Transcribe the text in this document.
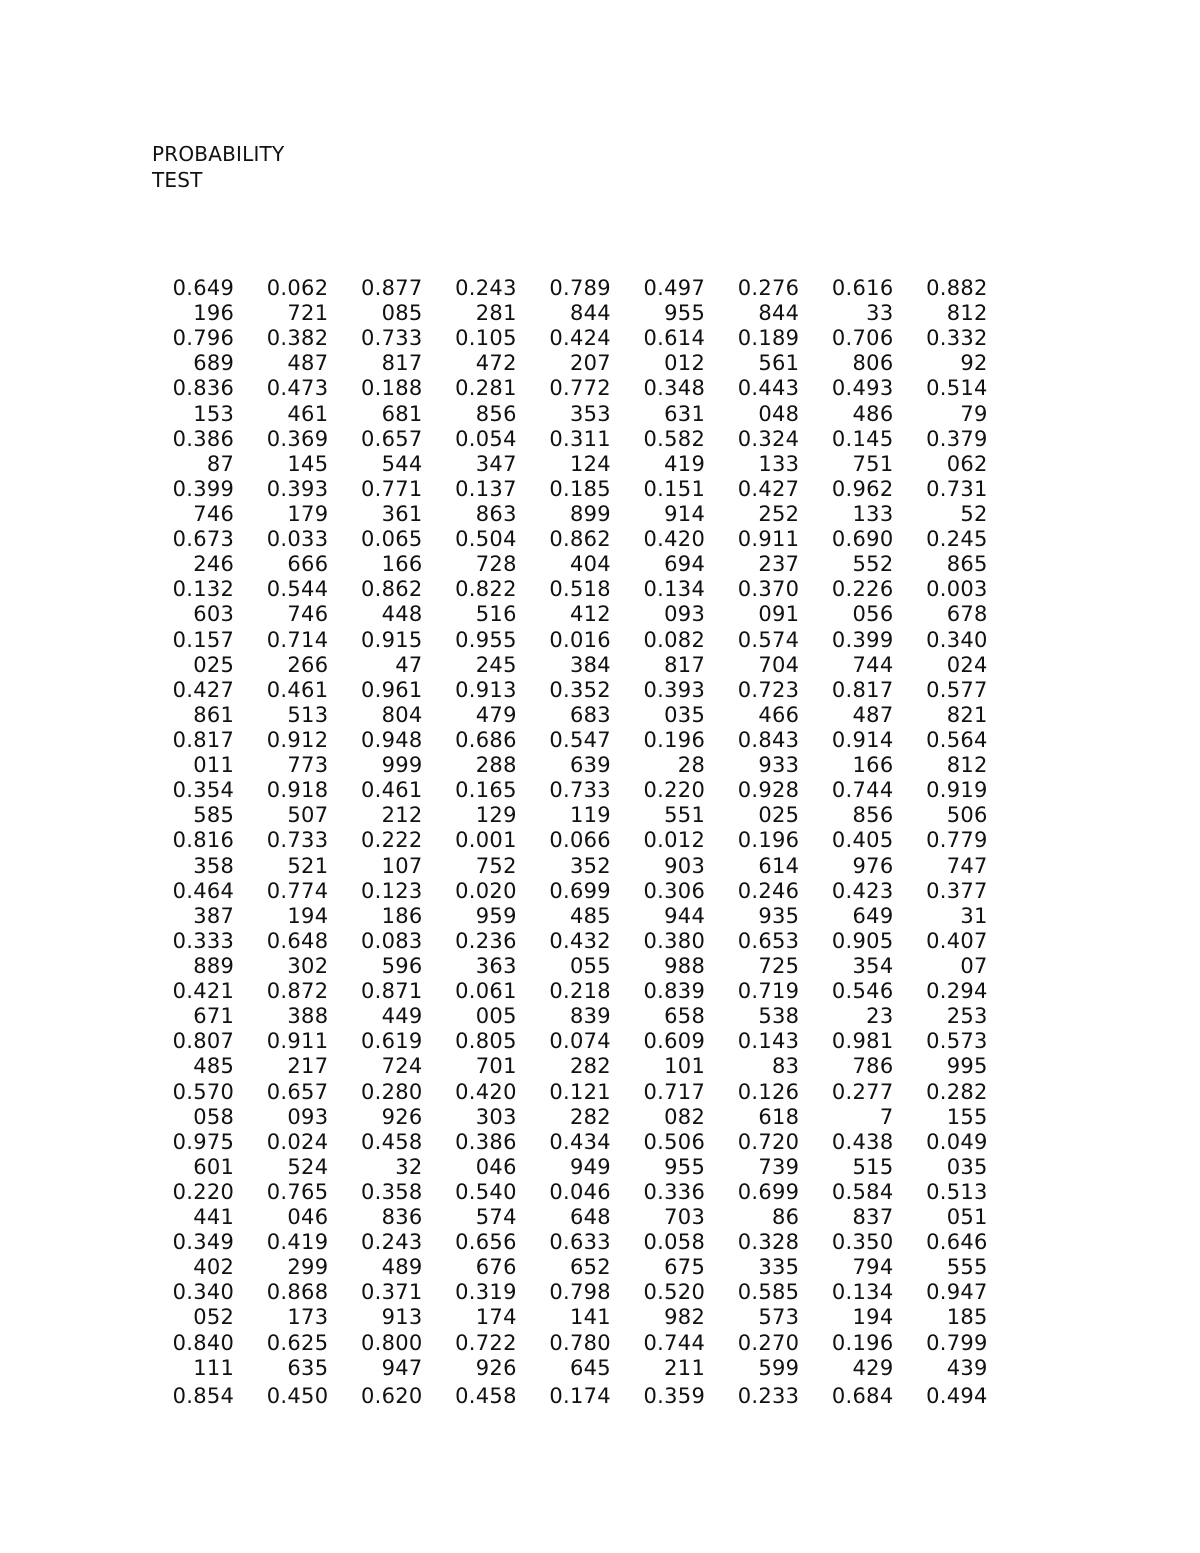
PROBABILITY
TEST
0.649	0.062	0.877	0.243	0.789	0.497	0.276	0.616	0.882
196	721	085	281	844	955	844	33	812
0.796	0.382	0.733	0.105	0.424	0.614	0.189	0.706	0.332
689	487	817	472	207	012	561	806	92
0.836	0.473	0.188	0.281	0.772	0.348	0.443	0.493	0.514
153	461	681	856	353	631	048	486	79
0.386	0.369	0.657	0.054	0.311	0.582	0.324	0.145	0.379
87	145	544	347	124	419	133	751	062
0.399	0.393	0.771	0.137	0.185	0.151	0.427	0.962	0.731
746	179	361	863	899	914	252	133	52
0.673	0.033	0.065	0.504	0.862	0.420	0.911	0.690	0.245
246	666	166	728	404	694	237	552	865
0.132	0.544	0.862	0.822	0.518	0.134	0.370	0.226	0.003
603	746	448	516	412	093	091	056	678
0.157	0.714	0.915	0.955	0.016	0.082	0.574	0.399	0.340
025	266	47	245	384	817	704	744	024
0.427	0.461	0.961	0.913	0.352	0.393	0.723	0.817	0.577
861	513	804	479	683	035	466	487	821
0.817	0.912	0.948	0.686	0.547	0.196	0.843	0.914	0.564
011	773	999	288	639	28	933	166	812
0.354	0.918	0.461	0.165	0.733	0.220	0.928	0.744	0.919
585	507	212	129	119	551	025	856	506
0.816	0.733	0.222	0.001	0.066	0.012	0.196	0.405	0.779
358	521	107	752	352	903	614	976	747
0.464	0.774	0.123	0.020	0.699	0.306	0.246	0.423	0.377
387	194	186	959	485	944	935	649	31
0.333	0.648	0.083	0.236	0.432	0.380	0.653	0.905	0.407
889	302	596	363	055	988	725	354	07
0.421	0.872	0.871	0.061	0.218	0.839	0.719	0.546	0.294
671	388	449	005	839	658	538	23	253
0.807	0.911	0.619	0.805	0.074	0.609	0.143	0.981	0.573
485	217	724	701	282	101	83	786	995
0.570	0.657	0.280	0.420	0.121	0.717	0.126	0.277	0.282
058	093	926	303	282	082	618	7	155
0.975	0.024	0.458	0.386	0.434	0.506	0.720	0.438	0.049
601	524	32	046	949	955	739	515	035
0.220	0.765	0.358	0.540	0.046	0.336	0.699	0.584	0.513
441	046	836	574	648	703	86	837	051
0.349	0.419	0.243	0.656	0.633	0.058	0.328	0.350	0.646
402	299	489	676	652	675	335	794	555
0.340	0.868	0.371	0.319	0.798	0.520	0.585	0.134	0.947
052	173	913	174	141	982	573	194	185
0.840	0.625	0.800	0.722	0.780	0.744	0.270	0.196	0.799
111	635	947	926	645	211	599	429	439
0.854	0.450	0.620	0.458	0.174	0.359	0.233	0.684	0.494
